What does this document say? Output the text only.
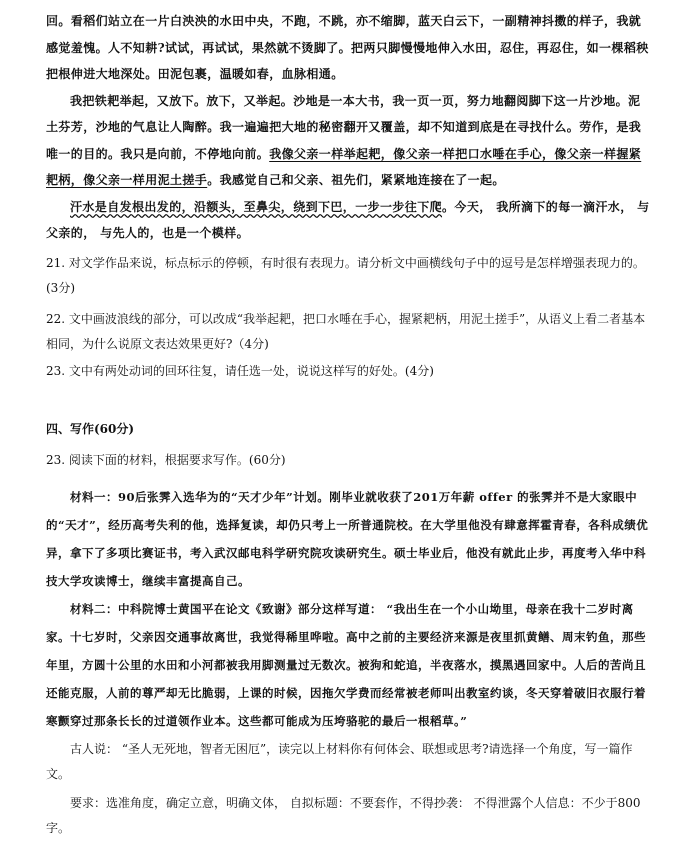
回。看稻们站立在一片白泱泱的水田中央，不跑，不跳，亦不缩脚，蓝天白云下，一副精神抖擞的样子，我就感觉羞愧。人不知耕?试试，再试试，果然就不烫脚了。把两只脚慢慢地伸入水田，忍住，再忍住，如一棵稻秧把根伸进大地深处。田泥包裹，温暖如春，血脉相通。

我把铁耙举起，又放下。放下，又举起。沙地是一本大书，我一页一页，努力地翻阅脚下这一片沙地。泥土芬芳，沙地的气息让人陶醉。我一遍遍把大地的秘密翻开又覆盖，却不知道到底是在寻找什么。劳作，是我唯一的目的。我只是向前，不停地向前。我像父亲一样举起耙，像父亲一样把口水唾在手心，像父亲一样握紧耙柄，像父亲一样用泥土搓手。我感觉自己和父亲、祖先们，紧紧地连接在了一起。

汗水是自发根出发的，沿额头，至鼻尖，绕到下巴，一步一步往下爬。今天， 我所滴下的每一滴汗水， 与父亲的， 与先人的，也是一个模样。

21. 对文学作品来说，标点标示的停顿，有时很有表现力。请分析文中画横线句子中的逗号是怎样增强表现力的。(3分)

22. 文中画波浪线的部分，可以改成“我举起耙，把口水唾在手心，握紧耙柄，用泥土搓手”，从语义上看二者基本相同，为什么说原文表达效果更好?（4分)

23. 文中有两处动词的回环往复，请任选一处，说说这样写的好处。(4分)

四、写作(60分)

23. 阅读下面的材料，根据要求写作。(60分)

材料一：90后张霁入选华为的“天才少年”计划。刚毕业就收获了201万年薪 offer 的张霁并不是大家眼中的“天才”，经历高考失利的他，选择复读，却仍只考上一所普通院校。在大学里他没有肆意挥霍青春，各科成绩优异，拿下了多项比赛证书，考入武汉邮电科学研究院攻读研究生。硕士毕业后，他没有就此止步，再度考入华中科技大学攻读博士，继续丰富提高自己。

材料二：中科院博士黄国平在论文《致谢》部分这样写道： “我出生在一个小山坳里，母亲在我十二岁时离家。十七岁时，父亲因交通事故离世，我觉得稀里哗啦。高中之前的主要经济来源是夜里抓黄鳝、周末钓鱼，那些年里，方圆十公里的水田和小河都被我用脚测量过无数次。被狗和蛇追，半夜落水，摸黑遇回家中。人后的苦尚且还能克服，人前的尊严却无比脆弱，上课的时候，因拖欠学费而经常被老师叫出教室约谈，冬天穿着破旧衣服行着寒颤穿过那条长长的过道领作业本。这些都可能成为压垮骆驼的最后一根稻草。”

古人说： “圣人无死地，智者无困厄”，读完以上材料你有何体会、联想或思考?请选择一个角度，写一篇作文。

要求：选准角度，确定立意，明确文体， 自拟标题：不要套作，不得抄袭： 不得泄露个人信息：不少于800字。
